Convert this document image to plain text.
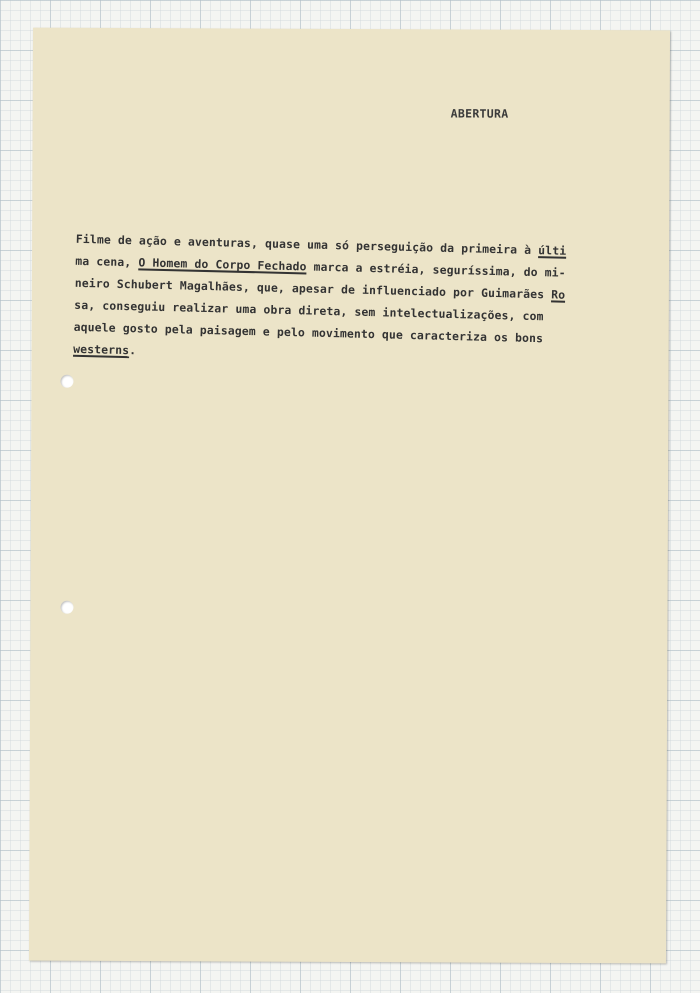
ABERTURA
Filme de ação e aventuras, quase uma só perseguição da primeira à últi
ma cena, O Homem do Corpo Fechado marca a estréia, seguríssima, do mi-
neiro Schubert Magalhães, que, apesar de influenciado por Guimarães Ro
sa, conseguiu realizar uma obra direta, sem intelectualizações, com
aquele gosto pela paisagem e pelo movimento que caracteriza os bons
westerns.
